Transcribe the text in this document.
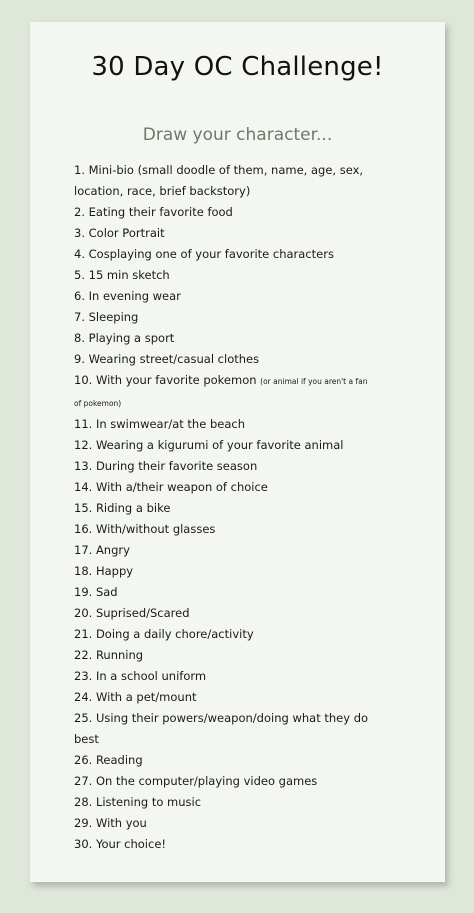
30 Day OC Challenge!
Draw your character...
1. Mini-bio (small doodle of them, name, age, sex,
location, race, brief backstory)
2. Eating their favorite food
3. Color Portrait
4. Cosplaying one of your favorite characters
5. 15 min sketch
6. In evening wear
7. Sleeping
8. Playing a sport
9. Wearing street/casual clothes
10. With your favorite pokemon (or animal if you aren't a fan
of pokemon)
11. In swimwear/at the beach
12. Wearing a kigurumi of your favorite animal
13. During their favorite season
14. With a/their weapon of choice
15. Riding a bike
16. With/without glasses
17. Angry
18. Happy
19. Sad
20. Suprised/Scared
21. Doing a daily chore/activity
22. Running
23. In a school uniform
24. With a pet/mount
25. Using their powers/weapon/doing what they do
best
26. Reading
27. On the computer/playing video games
28. Listening to music
29. With you
30. Your choice!
